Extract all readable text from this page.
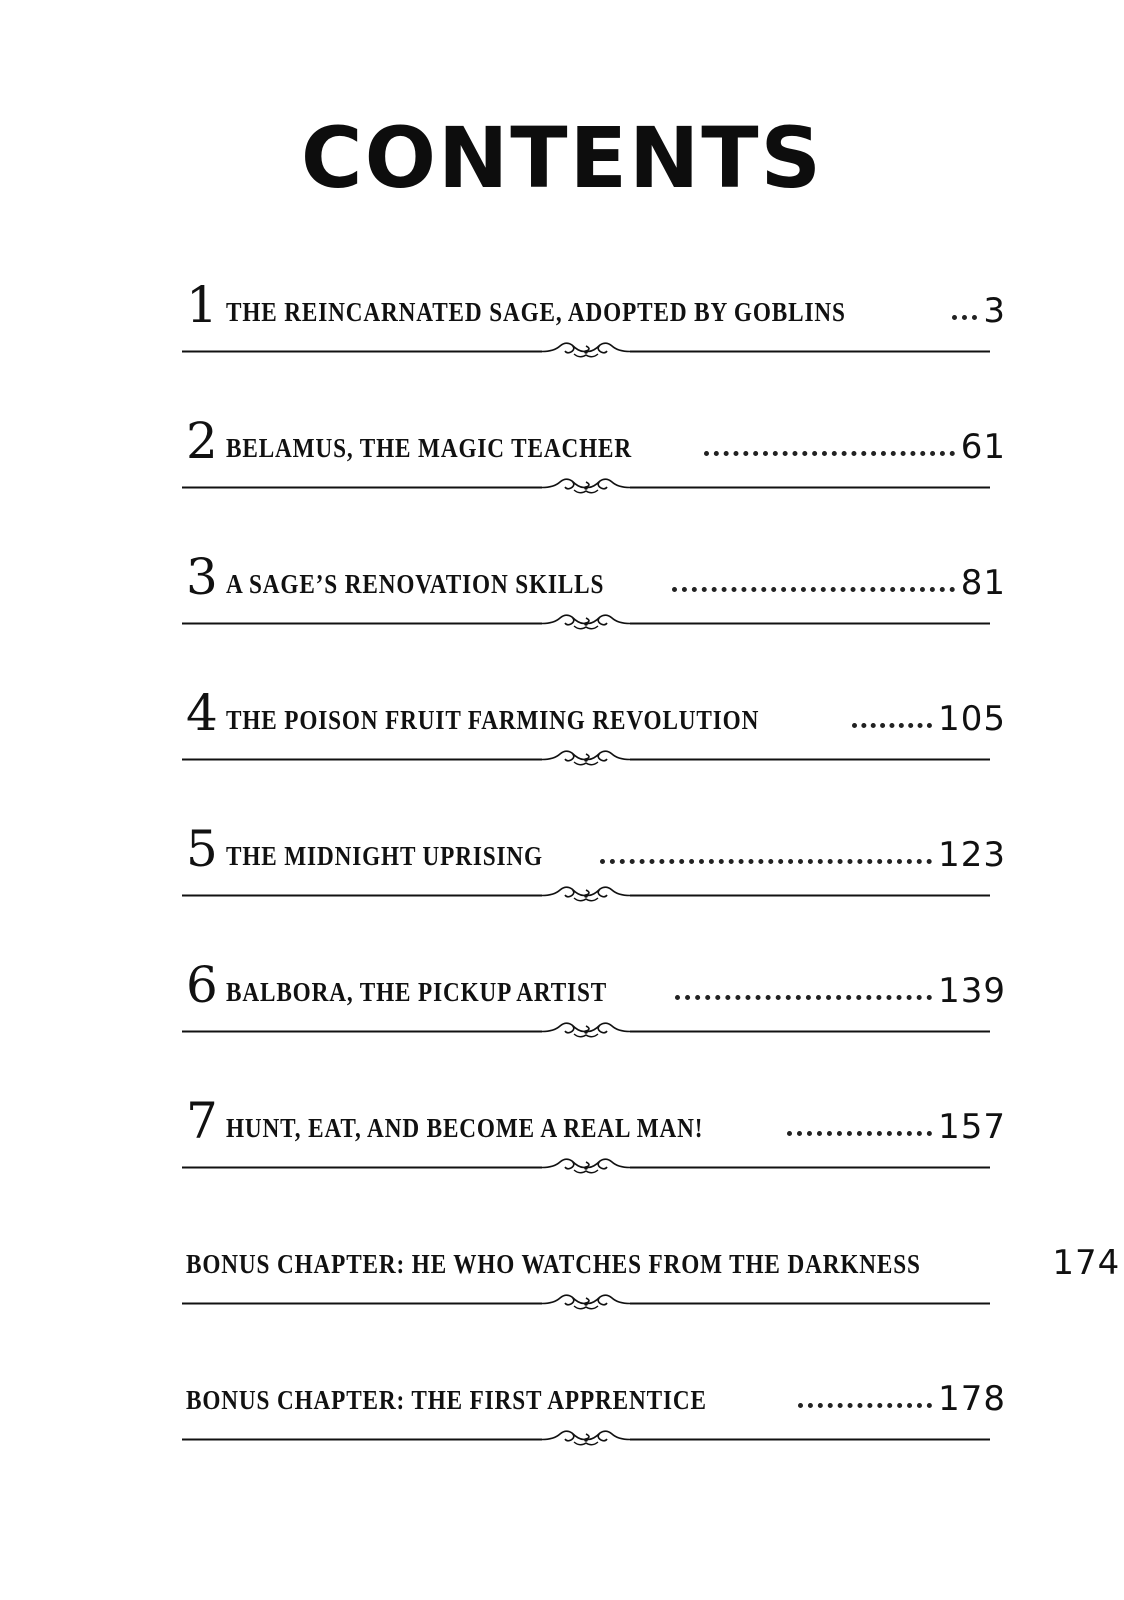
CONTENTS
1 THE REINCARNATED SAGE, ADOPTED BY GOBLINS	3
2 BELAMUS, THE MAGIC TEACHER	61
3 A SAGE’S RENOVATION SKILLS	81
4 THE POISON FRUIT FARMING REVOLUTION	105
5 THE MIDNIGHT UPRISING	123
6 BALBORA, THE PICKUP ARTIST	139
7 HUNT, EAT, AND BECOME A REAL MAN!	157
BONUS CHAPTER: HE WHO WATCHES FROM THE DARKNESS	174
BONUS CHAPTER: THE FIRST APPRENTICE	178
